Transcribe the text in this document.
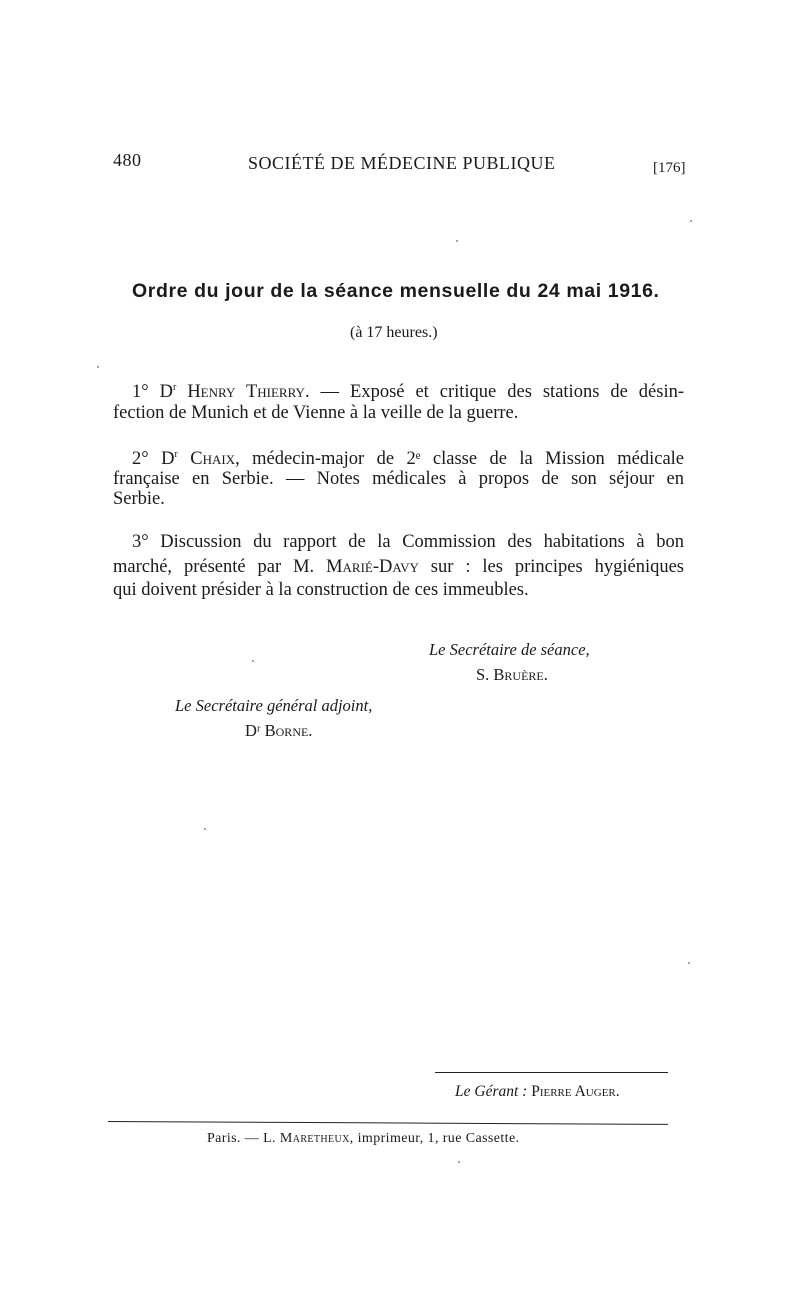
480	SOCIÉTÉ DE MÉDECINE PUBLIQUE	[176]
Ordre du jour de la séance mensuelle du 24 mai 1916.
(à 17 heures.)
1° $D^r$ Henry Thierry. — Exposé et critique des stations de désin-
fection de Munich et de Vienne à la veille de la guerre.
2° $D^r$ Chaix, médecin-major de 2ᵉ classe de la Mission médicale
française en Serbie. — Notes médicales à propos de son séjour en
Serbie.
3° Discussion du rapport de la Commission des habitations à bon
marché, présenté par M. Marié-Davy sur : les principes hygiéniques
qui doivent présider à la construction de ces immeubles.
Le Secrétaire de séance,
S. Bruère.
Le Secrétaire général adjoint,
Dʳ Borne.
Le Gérant : Pierre Auger.
Paris. — L. Maretheux, imprimeur, 1, rue Cassette.
